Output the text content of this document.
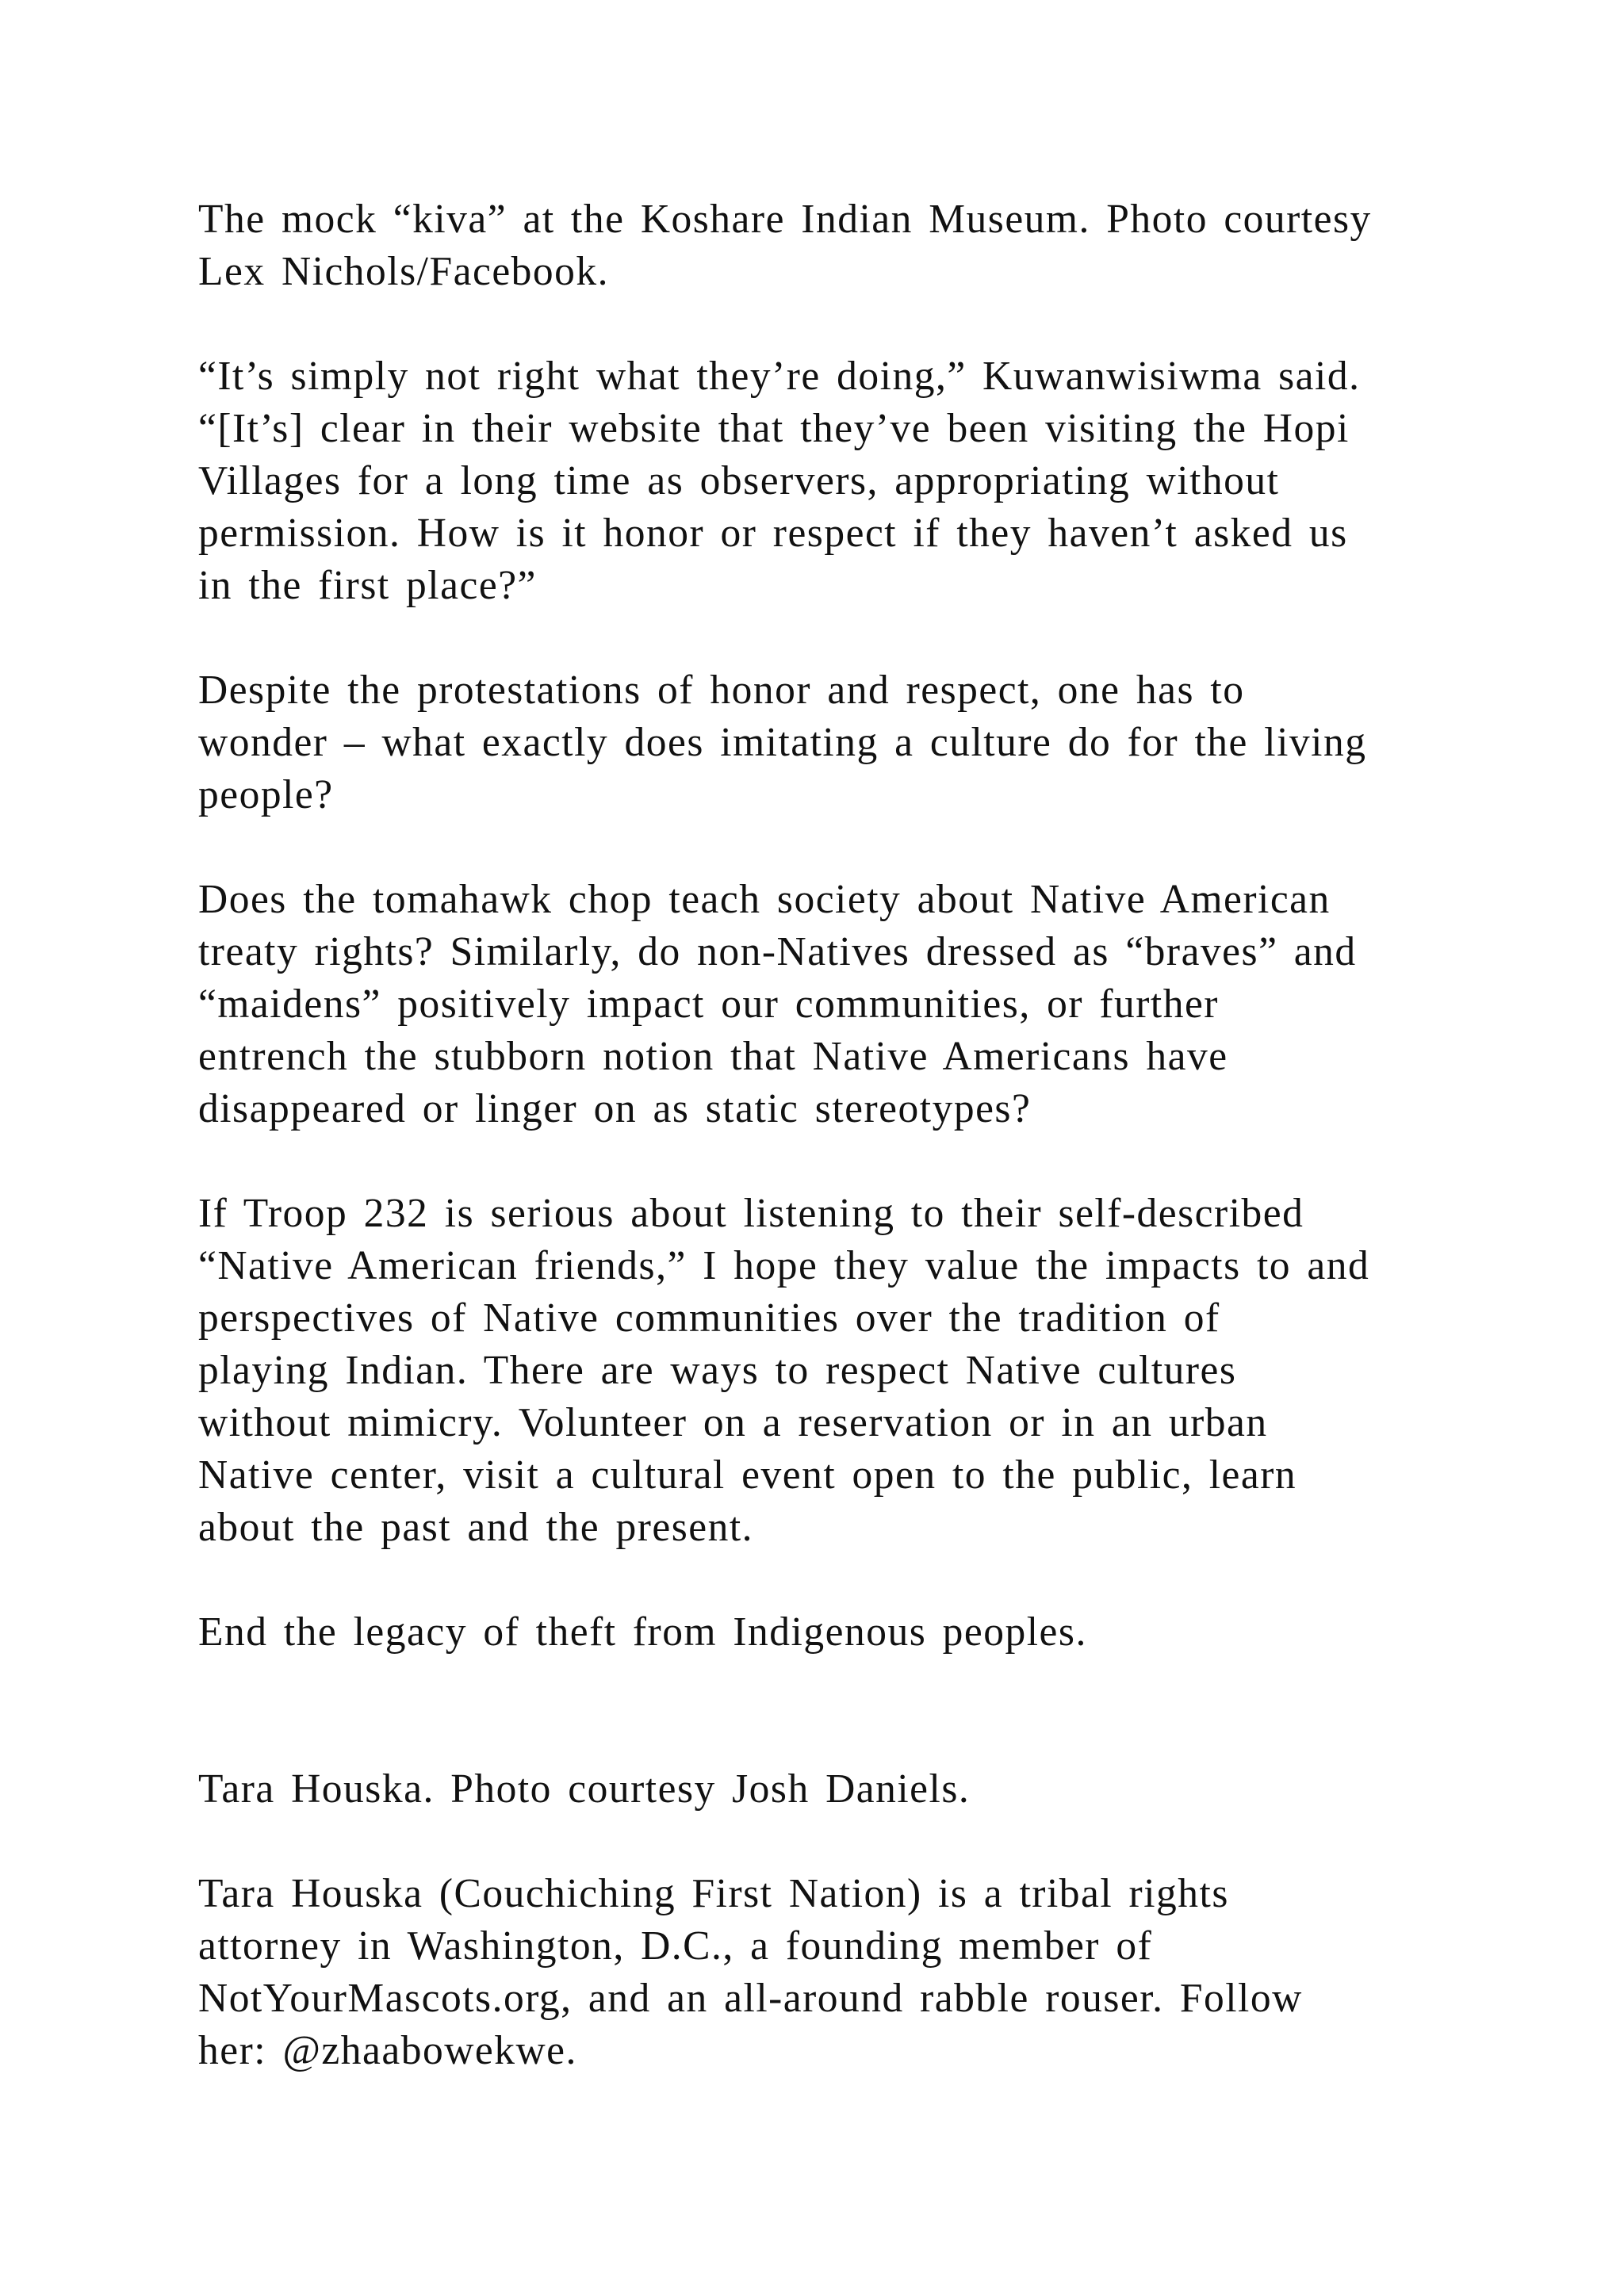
The mock “kiva” at the Koshare Indian Museum. Photo courtesy
Lex Nichols/Facebook.

“It’s simply not right what they’re doing,” Kuwanwisiwma said.
“[It’s] clear in their website that they’ve been visiting the Hopi
Villages for a long time as observers, appropriating without
permission. How is it honor or respect if they haven’t asked us
in the first place?”

Despite the protestations of honor and respect, one has to
wonder – what exactly does imitating a culture do for the living
people?

Does the tomahawk chop teach society about Native American
treaty rights? Similarly, do non-Natives dressed as “braves” and
“maidens” positively impact our communities, or further
entrench the stubborn notion that Native Americans have
disappeared or linger on as static stereotypes?

If Troop 232 is serious about listening to their self-described
“Native American friends,” I hope they value the impacts to and
perspectives of Native communities over the tradition of
playing Indian. There are ways to respect Native cultures
without mimicry. Volunteer on a reservation or in an urban
Native center, visit a cultural event open to the public, learn
about the past and the present.

End the legacy of theft from Indigenous peoples.

Tara Houska. Photo courtesy Josh Daniels.

Tara Houska (Couchiching First Nation) is a tribal rights
attorney in Washington, D.C., a founding member of
NotYourMascots.org, and an all-around rabble rouser. Follow
her: @zhaabowekwe.
